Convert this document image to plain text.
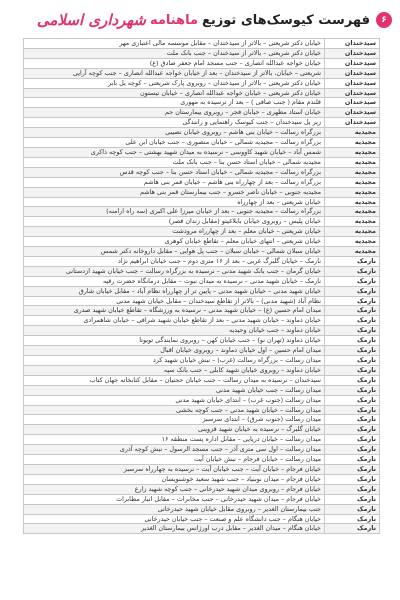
۶
فهرست کیوسک‌های توزیع
ماهنامه
شهرداری اسلامی
سیدخندان	خیابان دکتر شریعتی – بالاتر از سیدخندان – مقابل موسسه مالی اعتباری مهر
سیدخندان	خیابان دکتر شریعتی – بالاتر از سیدخندان – جنب بانک ملت
سیدخندان	خیابان خواجه عبدالله انصاری – جنب مسجد امام جعفر صادق (ع)
سیدخندان	شریعتی – خیابان، بالاتر از سیدخندان – بعد از خیابان خواجه عبدالله انصاری – جنب کوچه آرایی
سیدخندان	خیابان دکتر شریعتی – بالاتر از سیدخندان – روبروی پارک شریعتی – کوچه یل بابر
سیدخندان	خیابان دکتر شریعتی – خیابان خواجه عبدالله انصاری – خیابان تیستون
سیدخندان	قلندم مقام ( جنب صافی ) – بعد از نرسیده به مهوری
سیدخندان	خیابان استاد مطهری – خیابان فجر – روبروی بیمارستان جم
سیدخندان	زیر پل سیدخندان – جنب کیوسک راهنمایی و رانندگی
مجیدیه	بزرگراه رسالت – خیابان بنی هاشم – روبروی خیابان نصیبی
مجیدیه	بزرگراه رسالت – مجیدیه شمالی – خیابان منصوری – جنب خیابان ابن علی
مجیدیه	شمس آباد – خیابان شهید کاووسی – نرسیده به میدان شهید بهشتی – جنب کوچه ذاکری
مجیدیه	مجیدیه شمالی – خیابان استاد حسن بنا – جنب بانک ملت
مجیدیه	بزرگراه رسالت – مجیدیه شمالی – خیابان استاد حسن بنا – جنب کوچه قدس
مجیدیه	بزرگراه رسالت – بعد از چهارراه بنی هاشم – خیابان قمر بنی هاشم
مجیدیه	مجیدیه جنوبی – خیابان ناصر خسرو – جنب بیمارستان قمر بنی هاشم
مجیدیه	خیابان شریعتی – بعد از چهارراه
مجیدیه	بزرگراه رسالت – مجیدیه جنوبی – بعد از خیابان میرزا علی اکبری (سه راه ارامنه)
مجیدیه	خیابان پلیس – روبروی خیابان بابلاغیتو (مقابل زندان قصر)
مجیدیه	خیابان شریعتی – خیابان معلم – بعد از چهارراه مرودشت
مجیدیه	خیابان شریعتی – انتهای خیابان معلم – تقاطع خیابان کوهری
مجیدیه	خیابان سبلان شمالی – خیابان سبلان – جنب پل هوایی – مقابل داروخانه دکتر شمس
نارمک	نارمک – خیابان گلبرگ غربی – بعد از ۱۶ متری دوم – جنب خیابان ابراهیم نژاد
نارمک	خیابان گرمان – جنب بانک شهید مدنی – نرسیده به بزرگراه رسالت – جنب خیابان شهید ازدستانی
نارمک	نارمک – خیابان شهید مدنی – نرسیده به میدان نبوت – مقابل درمانگاه حضرت رقیه
نارمک	خیابان شهید مدنی – خیابان شهید مدنی – پایین تر از چهارراه نظام آباد – مقابل خیابان شارق
نارمک	نظام آباد (شهید مدنی) – بالاتر از تقاطع سیدخندان – مقابل خیابان شهید مدنی
نارمک	میدان امام حسین (ع) – خیابان شهید مدنی – نرسیده به ورزشگاه – تقاطع خیابان شهید صدری
نارمک	خیابان دماوند – خیابان شهید مدنی – بعد از تقاطع خیابان شهید شرافی – خیابان شاهمرادی
نارمک	خیابان دماوند – جنب خیابان وحیدیه
نارمک	خیابان دماوند (تهران نو) – جنب خیابان کهن – روبروی نمایندگی تویوتا
نارمک	میدان امام حسین – اول خیابان دماوند – روبروی خیابان اقبال
نارمک	میدان رسالت – بزرگراه رسالت (غرب) – نبش خیابان شهید کرد
نارمک	خیابان دماوند – روبروی خیابان شهید کابلی – جنب بانک سپه
نارمک	سیدخندان – نرسیده به میدان رسالت – جنب خیابان حجتیان – مقابل کتابخانه جهان کتاب
نارمک	میدان رسالت – جنب خیابان شهید مدنی
نارمک	میدان رسالت (جنوب غرب) – ابتدای خیابان شهید مدنی
نارمک	میدان رسالت – خیابان شهید مدنی – جنب کوچه بخشی
نارمک	میدان رسالت (جنوب شرق) – ابتدای سرسبز
نارمک	خیابان گلبرگ – نرسیده به خیابان شهید قزوینی
نارمک	میدان رسالت – خیابان دریایی – مقابل اداره پست منطقه ۱۶
نارمک	میدان رسالت – اول سی متری آذر – جنب مسجد الرسول – نبش کوچه آذری
نارمک	میدان رسالت – خیابان فرجام – نبش خیابان آیت
نارمک	خیابان فرجام – خیابان آیت – جنب خیابان آیت – نرسیده به چهارراه سرسبز
نارمک	خیابان فرجام – میدان نوبنیاد – جنب شهید سعید خوشنویسان
نارمک	خیابان فرجام – روبروی میدان شهید حیدرخانی – جنب کوچه شهید زارع
نارمک	خیابان فرجام – میدان شهید حیدرخانی – جنب مخابرات – مقابل انبار مطابرات
نارمک	جنب بیمارستان الغدیر – روبروی مقابل خیابان شهید حیدرخانی
نارمک	خیابان هنگام – جنب دانشگاه علم و صنعت – جنب خیابان حیدرخانی
نارمک	خیابان هنگام – میدان الغدیر – مقابل درب اورژانس بیمارستان الغدیر
